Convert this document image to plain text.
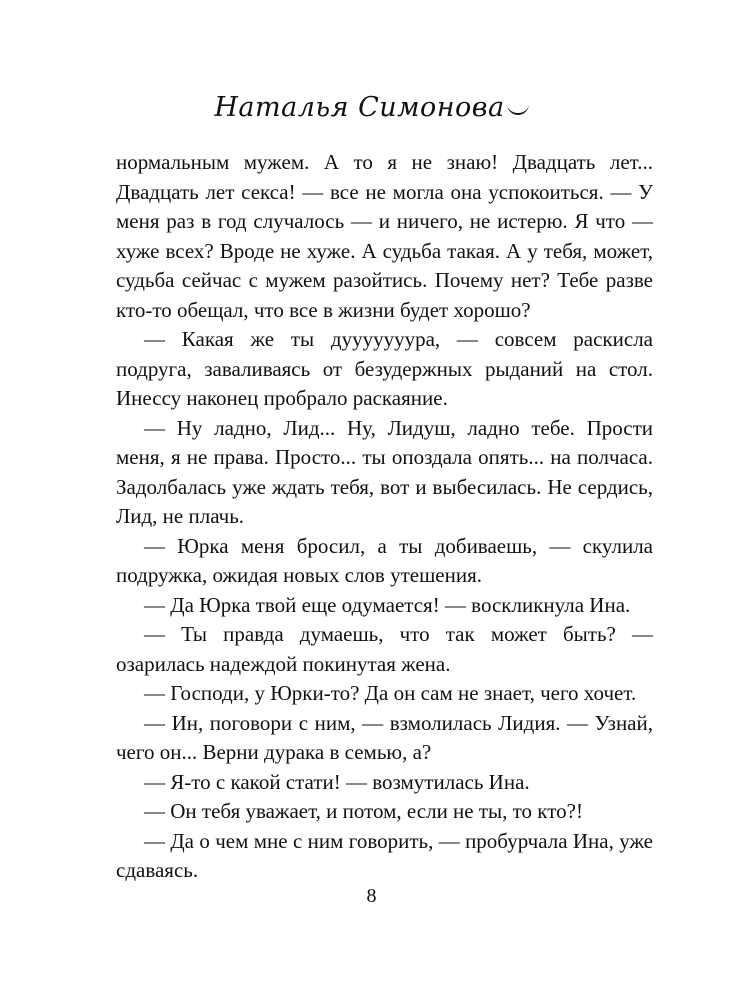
Наталья Симонова

нормальным мужем. А то я не знаю! Двадцать лет... Двадцать лет секса! — все не могла она успокоиться. — У меня раз в год случалось — и ничего, не истерю. Я что — хуже всех? Вроде не хуже. А судьба такая. А у тебя, может, судьба сейчас с мужем разойтись. Почему нет? Тебе разве кто-то обещал, что все в жизни будет хорошо?

— Какая же ты дууууууура, — совсем раскисла подруга, заваливаясь от безудержных рыданий на стол. Инессу наконец пробрало раскаяние.

— Ну ладно, Лид... Ну, Лидуш, ладно тебе. Прости меня, я не права. Просто... ты опоздала опять... на полчаса. Задолбалась уже ждать тебя, вот и выбесилась. Не сердись, Лид, не плачь.

— Юрка меня бросил, а ты добиваешь, — скулила подружка, ожидая новых слов утешения.

— Да Юрка твой еще одумается! — воскликнула Ина.

— Ты правда думаешь, что так может быть? — озарилась надеждой покинутая жена.

— Господи, у Юрки-то? Да он сам не знает, чего хочет.

— Ин, поговори с ним, — взмолилась Лидия. — Узнай, чего он... Верни дурака в семью, а?

— Я-то с какой стати! — возмутилась Ина.

— Он тебя уважает, и потом, если не ты, то кто?!

— Да о чем мне с ним говорить, — пробурчала Ина, уже сдаваясь.

8
